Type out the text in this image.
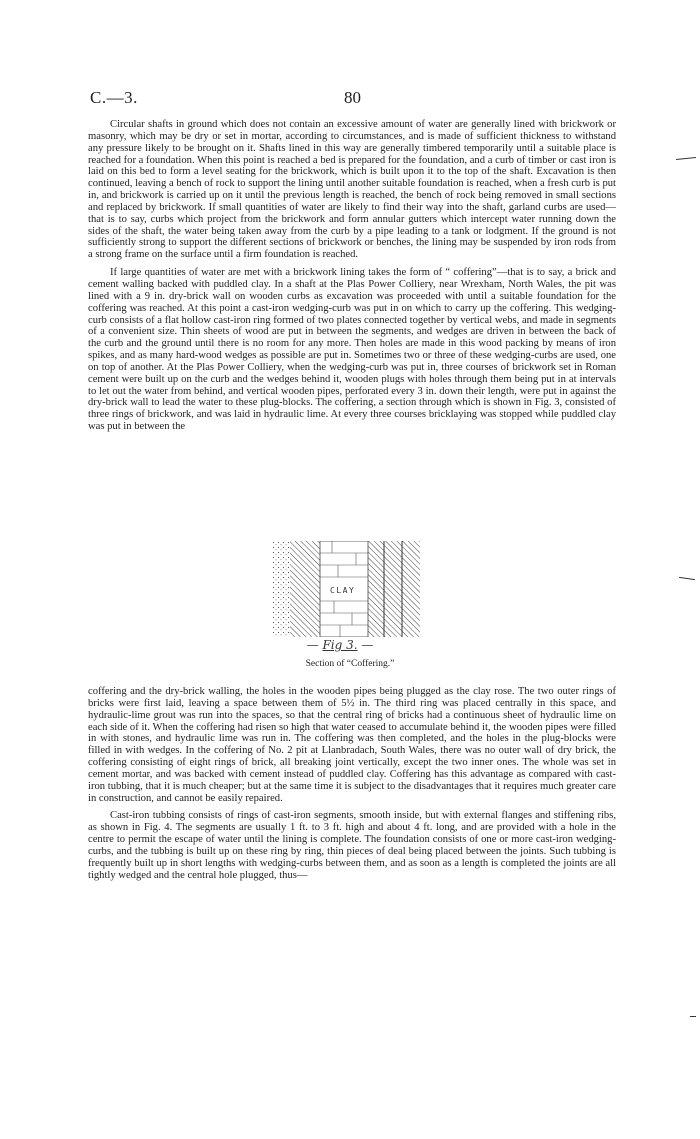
C.—3.	80

Circular shafts in ground which does not contain an excessive amount of water are generally lined with brickwork or masonry, which may be dry or set in mortar, according to circumstances, and is made of sufficient thickness to withstand any pressure likely to be brought on it. Shafts lined in this way are generally timbered temporarily until a suitable place is reached for a foundation. When this point is reached a bed is prepared for the foundation, and a curb of timber or cast iron is laid on this bed to form a level seating for the brickwork, which is built upon it to the top of the shaft. Excavation is then continued, leaving a bench of rock to support the lining until another suitable foundation is reached, when a fresh curb is put in, and brickwork is carried up on it until the previous length is reached, the bench of rock being removed in small sections and replaced by brickwork. If small quantities of water are likely to find their way into the shaft, garland curbs are used—that is to say, curbs which project from the brickwork and form annular gutters which intercept water running down the sides of the shaft, the water being taken away from the curb by a pipe leading to a tank or lodgment. If the ground is not sufficiently strong to support the different sections of brickwork or benches, the lining may be suspended by iron rods from a strong frame on the surface until a firm foundation is reached.

If large quantities of water are met with a brickwork lining takes the form of “ coffering”—that is to say, a brick and cement walling backed with puddled clay. In a shaft at the Plas Power Colliery, near Wrexham, North Wales, the pit was lined with a 9 in. dry-brick wall on wooden curbs as excavation was proceeded with until a suitable foundation for the coffering was reached. At this point a cast-iron wedging-curb was put in on which to carry up the coffering. This wedging-curb consists of a flat hollow cast-iron ring formed of two plates connected together by vertical webs, and made in segments of a convenient size. Thin sheets of wood are put in between the segments, and wedges are driven in between the back of the curb and the ground until there is no room for any more. Then holes are made in this wood packing by means of iron spikes, and as many hard-wood wedges as possible are put in. Sometimes two or three of these wedging-curbs are used, one on top of another. At the Plas Power Colliery, when the wedging-curb was put in, three courses of brickwork set in Roman cement were built up on the curb and the wedges behind it, wooden plugs with holes through them being put in at intervals to let out the water from behind, and vertical wooden pipes, perforated every 3 in. down their length, were put in against the dry-brick wall to lead the water to these plug-blocks. The coffering, a section through which is shown in Fig. 3, consisted of three rings of brickwork, and was laid in hydraulic lime. At every three courses bricklaying was stopped while puddled clay was put in between the

CLAY
— Fig 3. —
Section of “Coffering.”

coffering and the dry-brick walling, the holes in the wooden pipes being plugged as the clay rose. The two outer rings of bricks were first laid, leaving a space between them of 5½ in. The third ring was placed centrally in this space, and hydraulic-lime grout was run into the spaces, so that the central ring of bricks had a continuous sheet of hydraulic lime on each side of it. When the coffering had risen so high that water ceased to accumulate behind it, the wooden pipes were filled in with stones, and hydraulic lime was run in. The coffering was then completed, and the holes in the plug-blocks were filled in with wedges. In the coffering of No. 2 pit at Llanbradach, South Wales, there was no outer wall of dry brick, the coffering consisting of eight rings of brick, all breaking joint vertically, except the two inner ones. The whole was set in cement mortar, and was backed with cement instead of puddled clay. Coffering has this advantage as compared with cast-iron tubbing, that it is much cheaper; but at the same time it is subject to the disadvantages that it requires much greater care in construction, and cannot be easily repaired.

Cast-iron tubbing consists of rings of cast-iron segments, smooth inside, but with external flanges and stiffening ribs, as shown in Fig. 4. The segments are usually 1 ft. to 3 ft. high and about 4 ft. long, and are provided with a hole in the centre to permit the escape of water until the lining is complete. The foundation consists of one or more cast-iron wedging-curbs, and the tubbing is built up on these ring by ring, thin pieces of deal being placed between the joints. Such tubbing is frequently built up in short lengths with wedging-curbs between them, and as soon as a length is completed the joints are all tightly wedged and the central hole plugged, thus—
